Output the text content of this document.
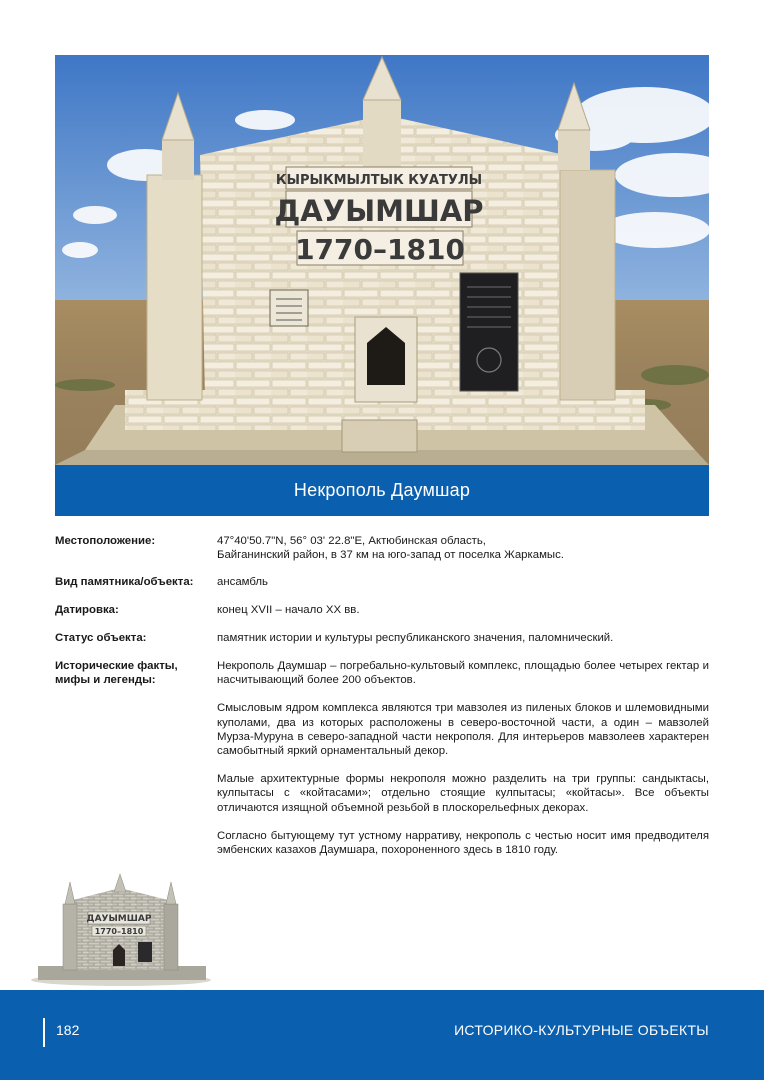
КЫРЫКМЫЛТЫК КУАТУЛЫ
ДАУЫМШАР
1770–1810
Некрополь Даумшар
Местоположение:	47°40'50.7"N, 56° 03' 22.8"E, Актюбинская область,

Байганинский район, в 37 км на юго-запад от поселка Жаркамыс.

Вид памятника/объекта:	ансамбль
Датировка:	конец XVII – начало XX вв.
Статус объекта:	памятник истории и культуры республиканского значения, паломнический.
Исторические факты,
мифы и легенды:

Некрополь Даумшар – погребально-культовый комплекс, площадью более четырех гектар и насчитывающий более 200 объектов.

Смысловым ядром комплекса являются три мавзолея из пиленых блоков и шлемовидными куполами, два из которых расположены в северо-восточной части, а один – мавзолей Мурза-Муруна в северо-западной части некрополя. Для интерьеров мавзолеев характерен самобытный яркий орнаментальный декор.

Малые архитектурные формы некрополя можно разделить на три группы: сандыктасы, кулпытасы с «койтасами»; отдельно стоящие кулпытасы; «койтасы». Все объекты отличаются изящной объемной резьбой в плоскорельефных декорах.

Согласно бытующему тут устному нарративу, некрополь с честью носит имя предводителя эмбенских казахов Даумшара, похороненного здесь в 1810 году.

ДАУЫМШАР
1770–1810
182	ИСТОРИКО-КУЛЬТУРНЫЕ ОБЪЕКТЫ
